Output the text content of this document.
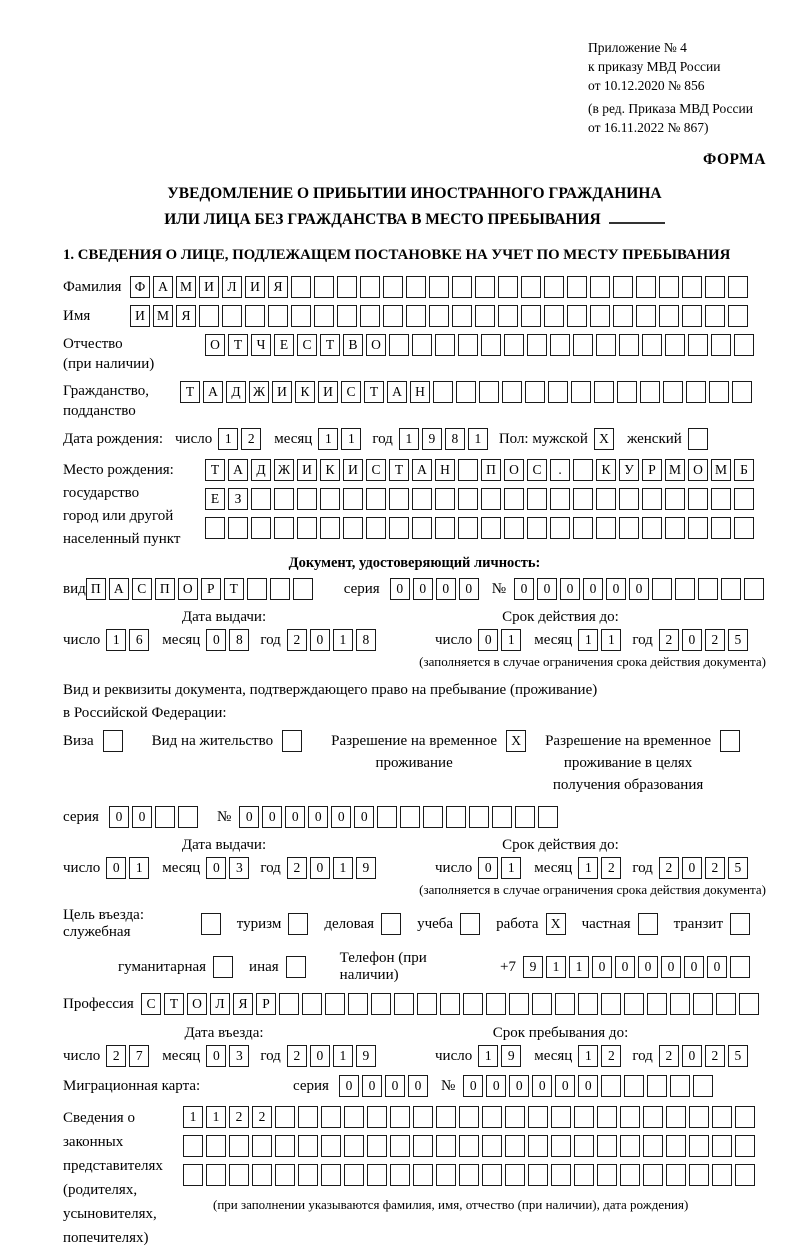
Приложение № 4
к приказу МВД России
от 10.12.2020 № 856
(в ред. Приказа МВД России
от 16.11.2022 № 867)
ФОРМА
УВЕДОМЛЕНИЕ О ПРИБЫТИИ ИНОСТРАННОГО ГРАЖДАНИНА
ИЛИ ЛИЦА БЕЗ ГРАЖДАНСТВА В МЕСТО ПРЕБЫВАНИЯ
1. СВЕДЕНИЯ О ЛИЦЕ, ПОДЛЕЖАЩЕМ ПОСТАНОВКЕ НА УЧЕТ ПО МЕСТУ ПРЕБЫВАНИЯ
Фамилия Ф А М И	Л	И	Я
Имя	И М Я
Отчество
(при наличии)
О	Т	Ч	Е	С	Т	В	О
Гражданство,
подданство
Т	А	Д Ж И	К	И	С	Т	А Н
Дата рождения: число 1	2	месяц 1	1	год 1	9	8	1	Пол: мужской X	женский
Место рождения:
государство
город или другой
населенный пункт
Т	А	Д Ж И	К	И	С	Т	А Н	П О	С	.	К	У	Р М О М Б

Е	З

Документ, удостоверяющий личность:
вид П А	С	П О	Р	Т	серия	0	0	0	0	№	0	0	0	0	0	0
Дата выдачи:
число 1	6	месяц 0	8	год 2	0	1	8
Срок действия до:
число 0	1	месяц 1	1	год 2	0	2	5
(заполняется в случае ограничения срока действия документа)
Вид и реквизиты документа, подтверждающего право на пребывание (проживание)
в Российской Федерации:
Виза	Вид на жительство	Разрешение на временное
проживание
X	Разрешение на временное
проживание в целях
получения образования
серия	0	0	№	0	0	0	0	0	0
Дата выдачи:
число 0	1	месяц 0	3	год 2	0	1	9
Срок действия до:
число 0	1	месяц 1	2	год 2	0	2	5
(заполняется в случае ограничения срока действия документа)
Цель въезда: служебная
туризм	деловая	учеба	работа X	частная	транзит
гуманитарная	иная
Телефон (при наличии)
+7	9	1	1	0	0	0	0	0	0
Профессия С	Т	О	Л	Я	Р
Дата въезда:
число 2	7	месяц 0	3	год 2	0	1	9
Срок пребывания до:
число 1	9	месяц 1	2	год 2	0	2	5
Миграционная карта:	серия	0	0	0	0	№	0	0	0	0	0	0
Сведения о
законных
представителях
(родителях,
усыновителях,
попечителях)
1	1	2	2

(при заполнении указываются фамилия, имя, отчество (при наличии), дата рождения)
